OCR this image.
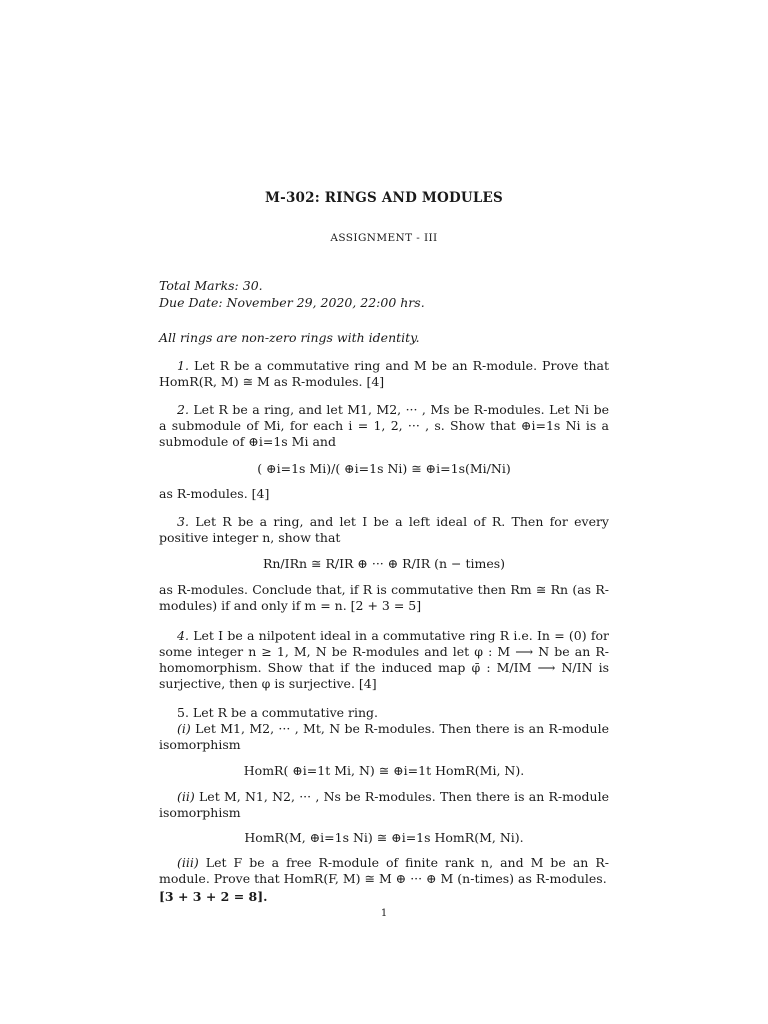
M-302: RINGS AND MODULES
ASSIGNMENT - III
Total Marks: 30.
Due Date: November 29, 2020, 22:00 hrs.
All rings are non-zero rings with identity.
1. Let R be a commutative ring and M be an R-module. Prove that HomR(R, M) ≅ M as R-modules. [4]
2. Let R be a ring, and let M1, M2, ··· , Ms be R-modules. Let Ni be a submodule of Mi, for each i = 1, 2, ··· , s. Show that ⊕i=1s Ni is a submodule of ⊕i=1s Mi and
( ⊕i=1s Mi)/( ⊕i=1s Ni) ≅ ⊕i=1s(Mi/Ni)
as R-modules. [4]
3. Let R be a ring, and let I be a left ideal of R. Then for every positive integer n, show that
Rn/IRn ≅ R/IR ⊕ ··· ⊕ R/IR (n − times)
as R-modules. Conclude that, if R is commutative then Rm ≅ Rn (as R-modules) if and only if m = n. [2 + 3 = 5]
4. Let I be a nilpotent ideal in a commutative ring R i.e. In = (0) for some integer n ≥ 1, M, N be R-modules and let φ : M ⟶ N be an R-homomorphism. Show that if the induced map φ̄ : M/IM ⟶ N/IN is surjective, then φ is surjective. [4]
5. Let R be a commutative ring.
(i) Let M1, M2, ··· , Mt, N be R-modules. Then there is an R-module isomorphism
HomR( ⊕i=1t Mi, N) ≅ ⊕i=1t HomR(Mi, N).
(ii) Let M, N1, N2, ··· , Ns be R-modules. Then there is an R-module isomorphism
HomR(M, ⊕i=1s Ni) ≅ ⊕i=1s HomR(M, Ni).
(iii) Let F be a free R-module of finite rank n, and M be an R-module. Prove that HomR(F, M) ≅ M ⊕ ··· ⊕ M (n-times) as R-modules.
[3 + 3 + 2 = 8].
1
